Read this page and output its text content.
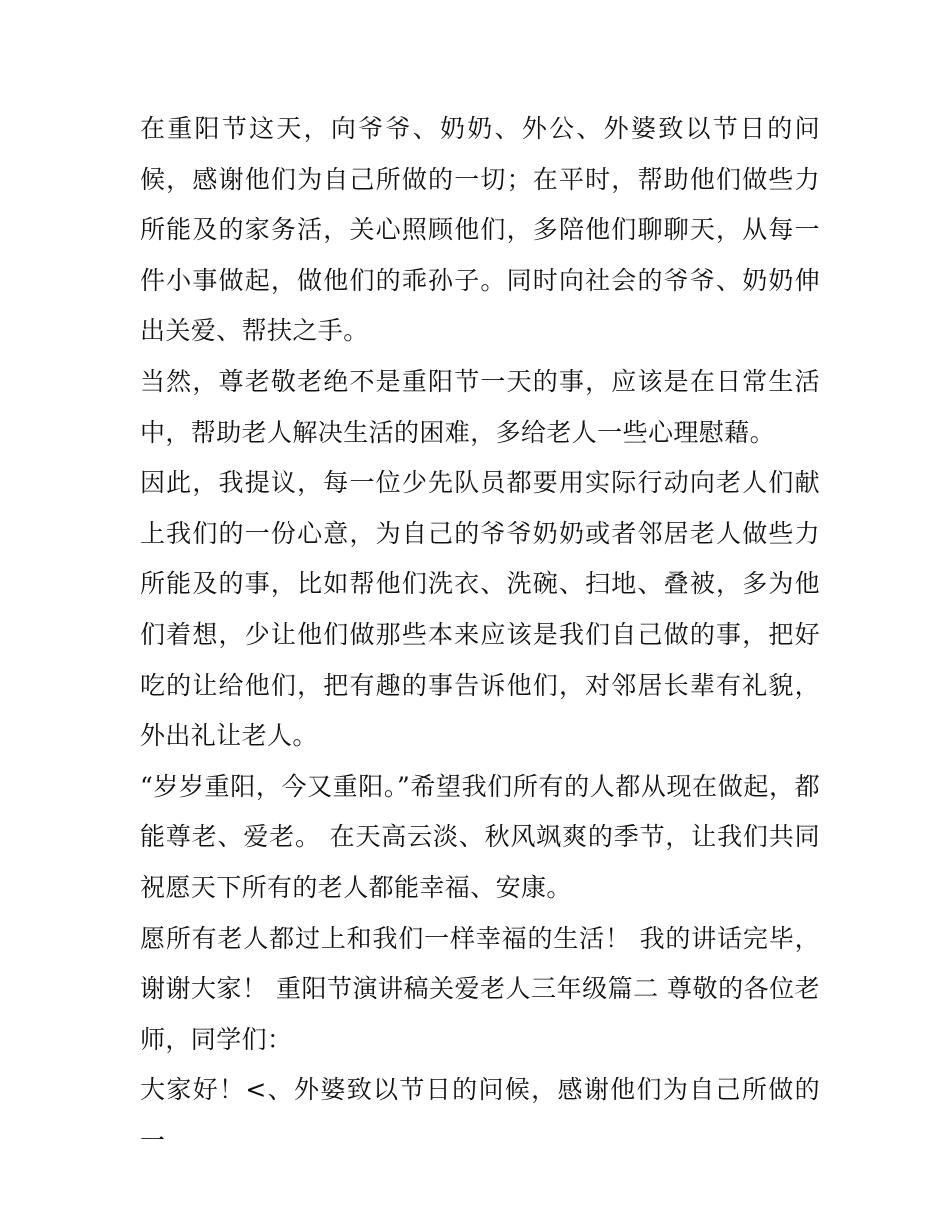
在重阳节这天，向爷爷、奶奶、外公、外婆致以节日的问候，感谢他们为自己所做的一切；在平时，帮助他们做些力所能及的家务活，关心照顾他们，多陪他们聊聊天，从每一件小事做起，做他们的乖孙子。同时向社会的爷爷、奶奶伸出关爱、帮扶之手。

当然，尊老敬老绝不是重阳节一天的事，应该是在日常生活中，帮助老人解决生活的困难，多给老人一些心理慰藉。

因此，我提议，每一位少先队员都要用实际行动向老人们献上我们的一份心意，为自己的爷爷奶奶或者邻居老人做些力所能及的事，比如帮他们洗衣、洗碗、扫地、叠被，多为他们着想，少让他们做那些本来应该是我们自己做的事，把好吃的让给他们，把有趣的事告诉他们，对邻居长辈有礼貌，外出礼让老人。

“岁岁重阳，今又重阳。”希望我们所有的人都从现在做起，都能尊老、爱老。 在天高云淡、秋风飒爽的季节，让我们共同祝愿天下所有的老人都能幸福、安康。

愿所有老人都过上和我们一样幸福的生活！ 我的讲话完毕，谢谢大家！ 重阳节演讲稿关爱老人三年级篇二 尊敬的各位老师，同学们：

大家好！<、外婆致以节日的问候，感谢他们为自己所做的一
